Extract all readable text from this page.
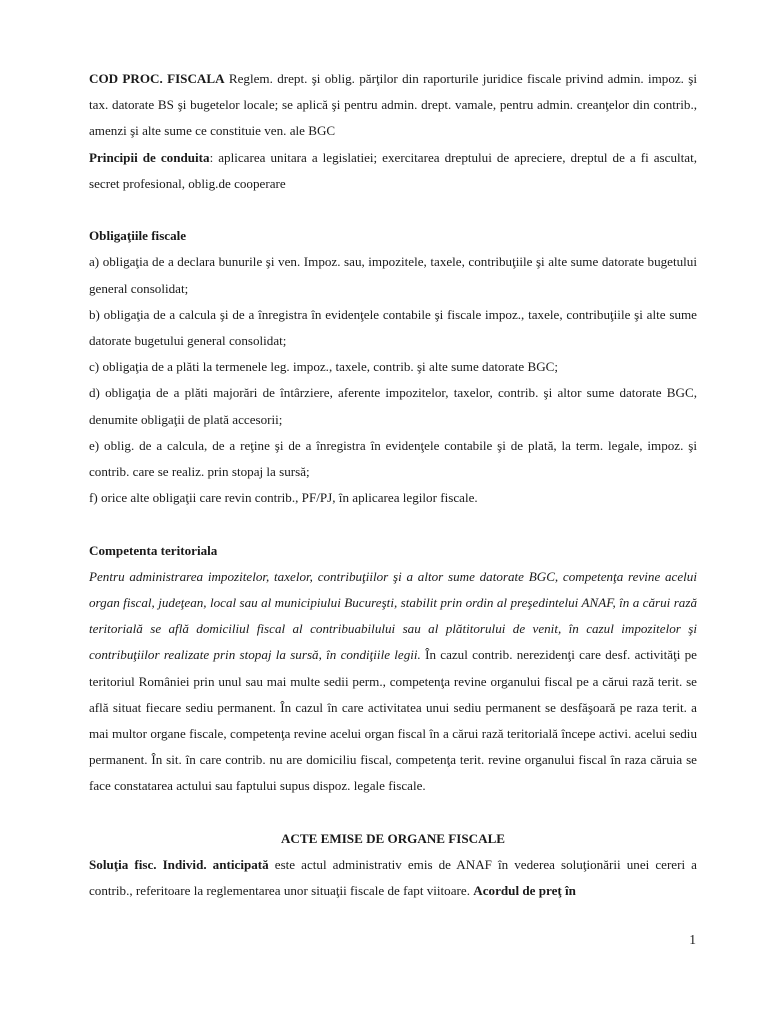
COD PROC. FISCALA Reglem. drept. şi oblig. părţilor din raporturile juridice fiscale privind admin. impoz. şi tax. datorate BS şi bugetelor locale; se aplică şi pentru admin. drept. vamale, pentru admin. creanţelor din contrib., amenzi şi alte sume ce constituie ven. ale BGC

Principii de conduita: aplicarea unitara a legislatiei; exercitarea dreptului de apreciere, dreptul de a fi ascultat, secret profesional, oblig.de cooperare

Obligaţiile fiscale

a) obligaţia de a declara bunurile şi ven. Impoz. sau, impozitele, taxele, contribuţiile şi alte sume datorate bugetului general consolidat;

b) obligaţia de a calcula şi de a înregistra în evidenţele contabile şi fiscale impoz., taxele, contribuţiile şi alte sume datorate bugetului general consolidat;

c) obligaţia de a plăti la termenele leg. impoz., taxele, contrib. şi alte sume datorate BGC;

d) obligaţia de a plăti majorări de întârziere, aferente impozitelor, taxelor, contrib. şi altor sume datorate BGC, denumite obligaţii de plată accesorii;

e) oblig. de a calcula, de a reţine şi de a înregistra în evidenţele contabile şi de plată, la term. legale, impoz. şi contrib. care se realiz. prin stopaj la sursă;

f) orice alte obligaţii care revin contrib., PF/PJ, în aplicarea legilor fiscale.

Competenta teritoriala

Pentru administrarea impozitelor, taxelor, contribuţiilor şi a altor sume datorate BGC, competenţa revine acelui organ fiscal, judeţean, local sau al municipiului Bucureşti, stabilit prin ordin al preşedintelui ANAF, în a cărui rază teritorială se află domiciliul fiscal al contribuabilului sau al plătitorului de venit, în cazul impozitelor şi contribuţiilor realizate prin stopaj la sursă, în condiţiile legii. În cazul contrib. nerezidenţi care desf. activităţi pe teritoriul României prin unul sau mai multe sedii perm., competenţa revine organului fiscal pe a cărui rază terit. se află situat fiecare sediu permanent. În cazul în care activitatea unui sediu permanent se desfăşoară pe raza terit. a mai multor organe fiscale, competenţa revine acelui organ fiscal în a cărui rază teritorială începe activi. acelui sediu permanent. În sit. în care contrib. nu are domiciliu fiscal, competenţa terit. revine organului fiscal în raza căruia se face constatarea actului sau faptului supus dispoz. legale fiscale.

ACTE EMISE DE ORGANE FISCALE

Soluţia fisc. Individ. anticipată este actul administrativ emis de ANAF în vederea soluţionării unei cereri a contrib., referitoare la reglementarea unor situaţii fiscale de fapt viitoare. Acordul de preţ în

1
